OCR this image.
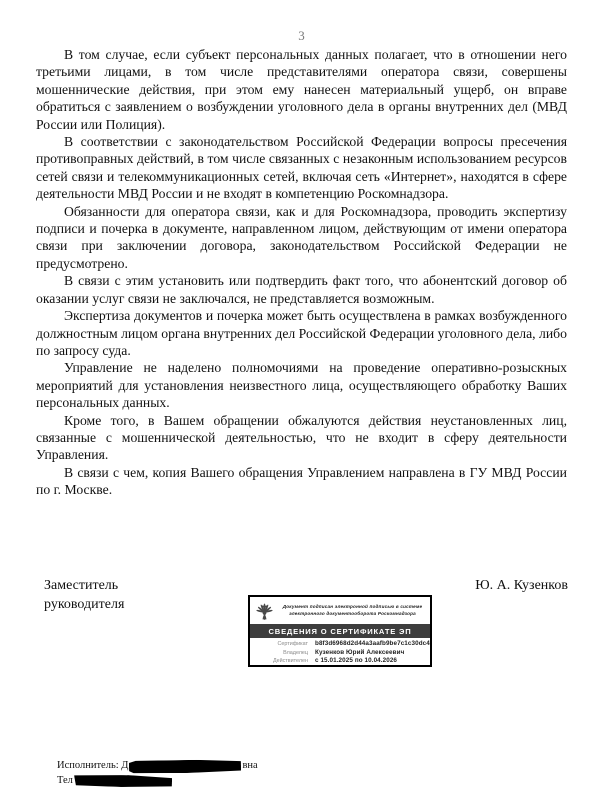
3

В том случае, если субъект персональных данных полагает, что в отношении него третьими лицами, в том числе представителями оператора связи, совершены мошеннические действия, при этом ему нанесен материальный ущерб, он вправе обратиться с заявлением о возбуждении уголовного дела в органы внутренних дел (МВД России или Полиция).

В соответствии с законодательством Российской Федерации вопросы пресечения противоправных действий, в том числе связанных с незаконным использованием ресурсов сетей связи и телекоммуникационных сетей, включая сеть «Интернет», находятся в сфере деятельности МВД России и не входят в компетенцию Роскомнадзора.

Обязанности для оператора связи, как и для Роскомнадзора, проводить экспертизу подписи и почерка в документе, направленном лицом, действующим от имени оператора связи при заключении договора, законодательством Российской Федерации не предусмотрено.

В связи с этим установить или подтвердить факт того, что абонентский договор об оказании услуг связи не заключался, не представляется возможным.

Экспертиза документов и почерка может быть осуществлена в рамках возбужденного должностным лицом органа внутренних дел Российской Федерации уголовного дела, либо по запросу суда.

Управление не наделено полномочиями на проведение оперативно-розыскных мероприятий для установления неизвестного лица, осуществляющего обработку Ваших персональных данных.

Кроме того, в Вашем обращении обжалуются действия неустановленных лиц, связанные с мошеннической деятельностью, что не входит в сферу деятельности Управления.

В связи с чем, копия Вашего обращения Управлением направлена в ГУ МВД России по г. Москве.

Заместитель
руководителя
Ю. А. Кузенков
Документ подписан электронной подписью в системе электронного документооборота Роскомнадзора
СВЕДЕНИЯ О СЕРТИФИКАТЕ ЭП
Сертификат	b8f3d6968d2d44a3aafb9be7c1c30dc4
Владелец	Кузенков Юрий Алексеевич
Действителен	с 15.01.2025 по 10.04.2026
Исполнитель: Д	вна
Тел
